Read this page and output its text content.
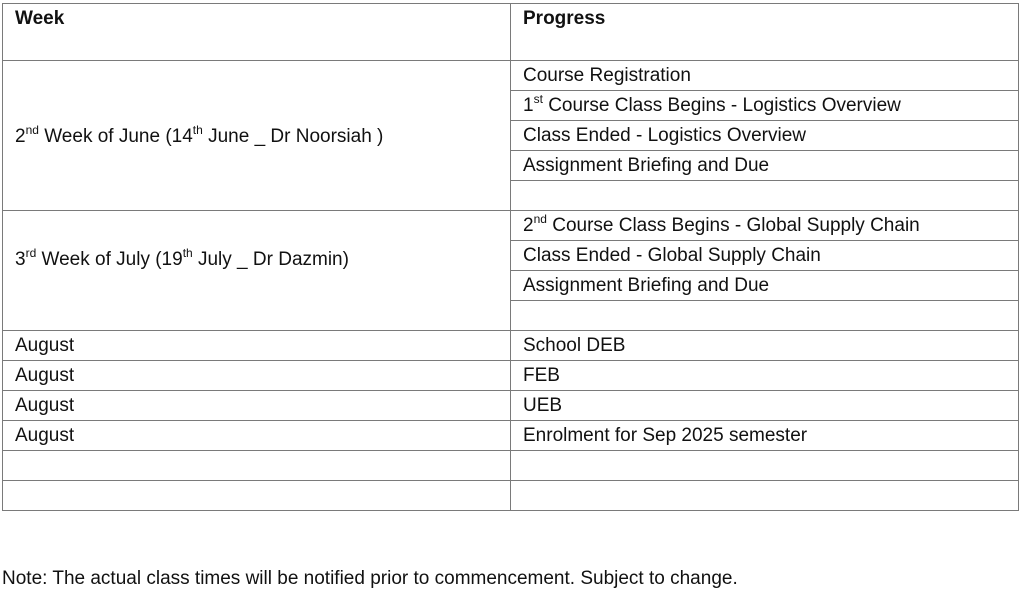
Week	Progress

2nd Week of June (14th June _ Dr Noorsiah )	Course Registration
	1st Course Class Begins - Logistics Overview
	Class Ended - Logistics Overview
	Assignment Briefing and Due

3rd Week of July (19th July _ Dr Dazmin)	2nd Course Class Begins - Global Supply Chain
	Class Ended - Global Supply Chain
	Assignment Briefing and Due

August	School DEB
August	FEB
August	UEB
August	Enrolment for Sep 2025 semester

Note: The actual class times will be notified prior to commencement. Subject to change.
